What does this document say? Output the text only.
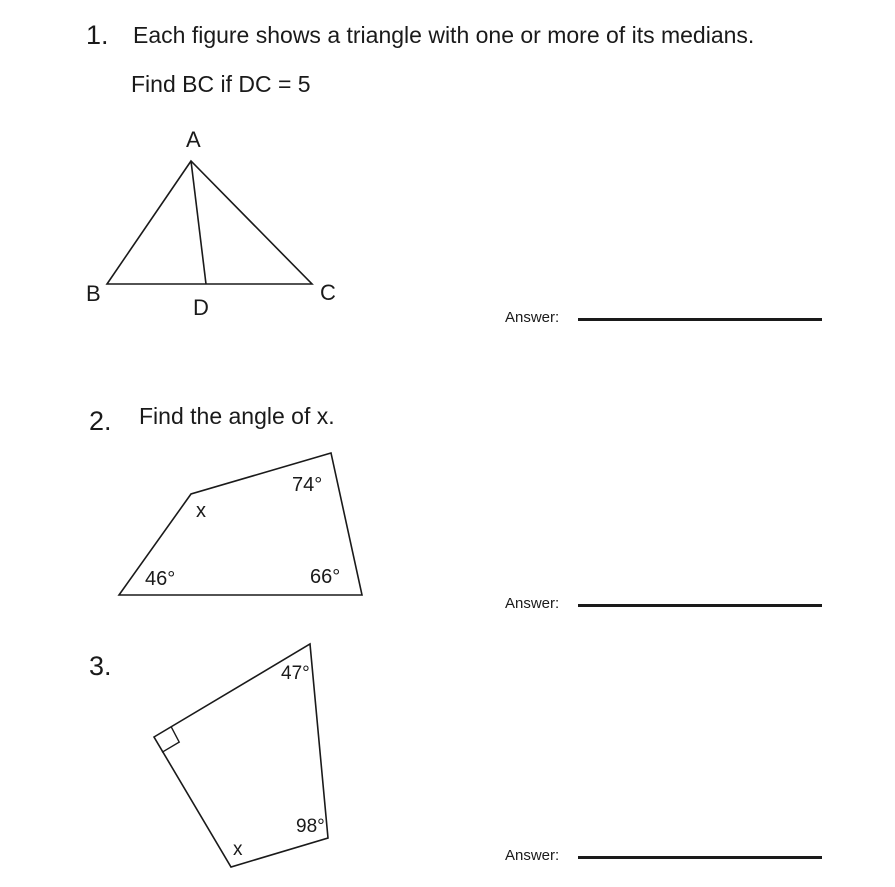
1. Each figure shows a triangle with one or more of its medians.
Find BC if DC = 5
A
B	C
D	Answer:
2. Find the angle of x.
74°
x
46°	66°
Answer:
3.	47°
98°
x	Answer:
